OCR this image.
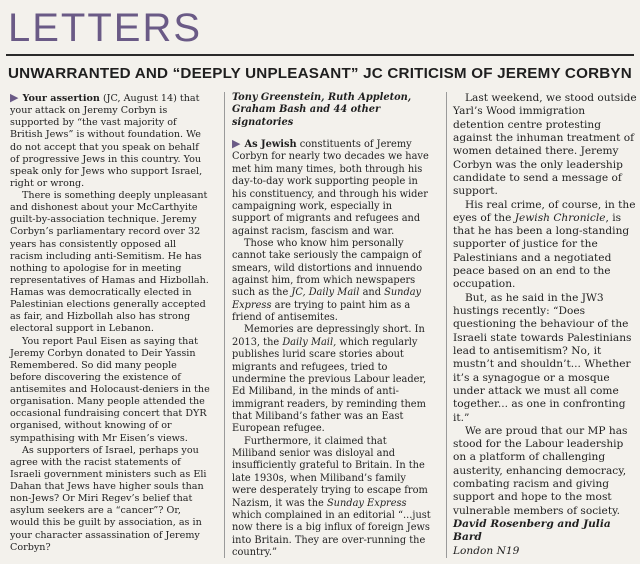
LETTERS
UNWARRANTED AND “DEEPLY UNPLEASANT” JC CRITICISM OF JEREMY CORBYN

▶ Your assertion (JC, August 14) that your attack on Jeremy Corbyn is supported by “the vast majority of British Jews” is without foundation. We do not accept that you speak on behalf of progressive Jews in this country. You speak only for Jews who support Israel, right or wrong.

There is something deeply unpleasant and dishonest about your McCarthyite guilt-by-association technique. Jeremy Corbyn’s parliamentary record over 32 years has consistently opposed all racism including anti-Semitism. He has nothing to apologise for in meeting representatives of Hamas and Hizbollah. Hamas was democratically elected in Palestinian elections generally accepted as fair, and Hizbollah also has strong electoral support in Lebanon.

You report Paul Eisen as saying that Jeremy Corbyn donated to Deir Yassin Remembered. So did many people before discovering the existence of antisemites and Holocaust-deniers in the organisation. Many people attended the occasional fundraising concert that DYR organised, without knowing of or sympathising with Mr Eisen’s views.

As supporters of Israel, perhaps you agree with the racist statements of Israeli government ministers such as Eli Dahan that Jews have higher souls than non-Jews? Or Miri Regev’s belief that asylum seekers are a “cancer”? Or, would this be guilt by association, as in your character assassination of Jeremy Corbyn?

Tony Greenstein, Ruth Appleton, Graham Bash and 44 other signatories

▶ As Jewish constituents of Jeremy Corbyn for nearly two decades we have met him many times, both through his day-to-day work supporting people in his constituency, and through his wider campaigning work, especially in support of migrants and refugees and against racism, fascism and war.

Those who know him personally cannot take seriously the campaign of smears, wild distortions and innuendo against him, from which newspapers such as the JC, Daily Mail and Sunday Express are trying to paint him as a friend of antisemites.

Memories are depressingly short. In 2013, the Daily Mail, which regularly publishes lurid scare stories about migrants and refugees, tried to undermine the previous Labour leader, Ed Miliband, in the minds of anti-immigrant readers, by reminding them that Miliband’s father was an East European refugee.

Furthermore, it claimed that Miliband senior was disloyal and insufficiently grateful to Britain. In the late 1930s, when Miliband’s family were desperately trying to escape from Nazism, it was the Sunday Express which complained in an editorial “...just now there is a big influx of foreign Jews into Britain. They are over-running the country.”

Last weekend, we stood outside Yarl’s Wood immigration detention centre protesting against the inhuman treatment of women detained there. Jeremy Corbyn was the only leadership candidate to send a message of support.

His real crime, of course, in the eyes of the Jewish Chronicle, is that he has been a long-standing supporter of justice for the Palestinians and a negotiated peace based on an end to the occupation.

But, as he said in the JW3 hustings recently: “Does questioning the behaviour of the Israeli state towards Palestinians lead to antisemitism? No, it mustn’t and shouldn’t... Whether it’s a synagogue or a mosque under attack we must all come together... as one in confronting it.”

We are proud that our MP has stood for the Labour leadership on a platform of challenging austerity, enhancing democracy, combating racism and giving support and hope to the most vulnerable members of society.

David Rosenberg and Julia Bard

London N19
